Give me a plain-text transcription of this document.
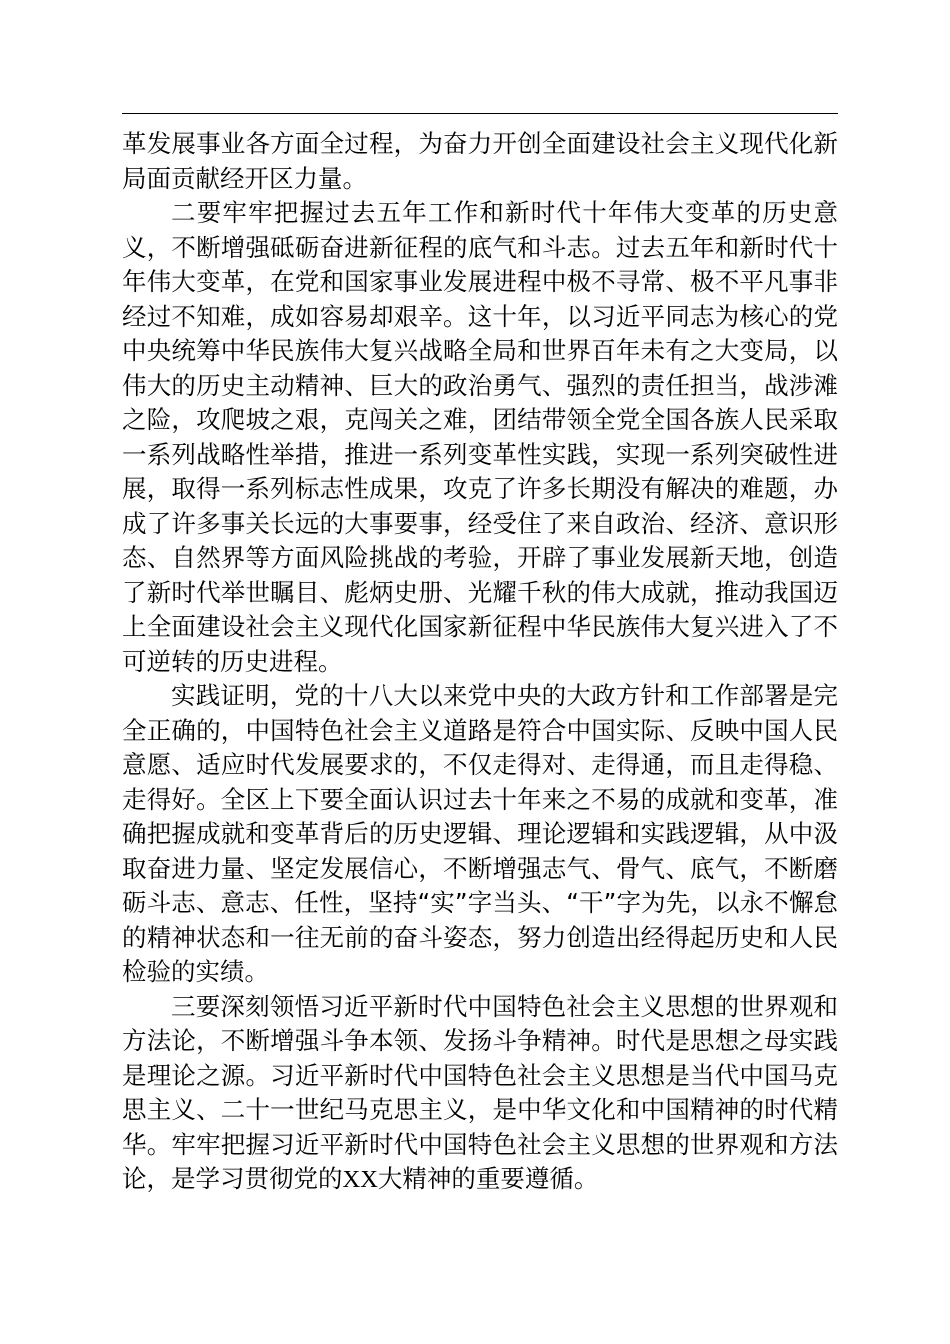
革发展事业各方面全过程，为奋力开创全面建设社会主义现代化新局面贡献经开区力量。

二要牢牢把握过去五年工作和新时代十年伟大变革的历史意义，不断增强砥砺奋进新征程的底气和斗志。过去五年和新时代十年伟大变革，在党和国家事业发展进程中极不寻常、极不平凡事非经过不知难，成如容易却艰辛。这十年，以习近平同志为核心的党中央统筹中华民族伟大复兴战略全局和世界百年未有之大变局，以伟大的历史主动精神、巨大的政治勇气、强烈的责任担当，战涉滩之险，攻爬坡之艰，克闯关之难，团结带领全党全国各族人民采取一系列战略性举措，推进一系列变革性实践，实现一系列突破性进展，取得一系列标志性成果，攻克了许多长期没有解决的难题，办成了许多事关长远的大事要事，经受住了来自政治、经济、意识形态、自然界等方面风险挑战的考验，开辟了事业发展新天地，创造了新时代举世瞩目、彪炳史册、光耀千秋的伟大成就，推动我国迈上全面建设社会主义现代化国家新征程中华民族伟大复兴进入了不可逆转的历史进程。

实践证明，党的十八大以来党中央的大政方针和工作部署是完全正确的，中国特色社会主义道路是符合中国实际、反映中国人民意愿、适应时代发展要求的，不仅走得对、走得通，而且走得稳、走得好。全区上下要全面认识过去十年来之不易的成就和变革，准确把握成就和变革背后的历史逻辑、理论逻辑和实践逻辑，从中汲取奋进力量、坚定发展信心，不断增强志气、骨气、底气，不断磨砺斗志、意志、任性，坚持“实”字当头、“干”字为先，以永不懈怠的精神状态和一往无前的奋斗姿态，努力创造出经得起历史和人民检验的实绩。

三要深刻领悟习近平新时代中国特色社会主义思想的世界观和方法论，不断增强斗争本领、发扬斗争精神。时代是思想之母实践是理论之源。习近平新时代中国特色社会主义思想是当代中国马克思主义、二十一世纪马克思主义，是中华文化和中国精神的时代精华。牢牢把握习近平新时代中国特色社会主义思想的世界观和方法论，是学习贯彻党的XX大精神的重要遵循。
